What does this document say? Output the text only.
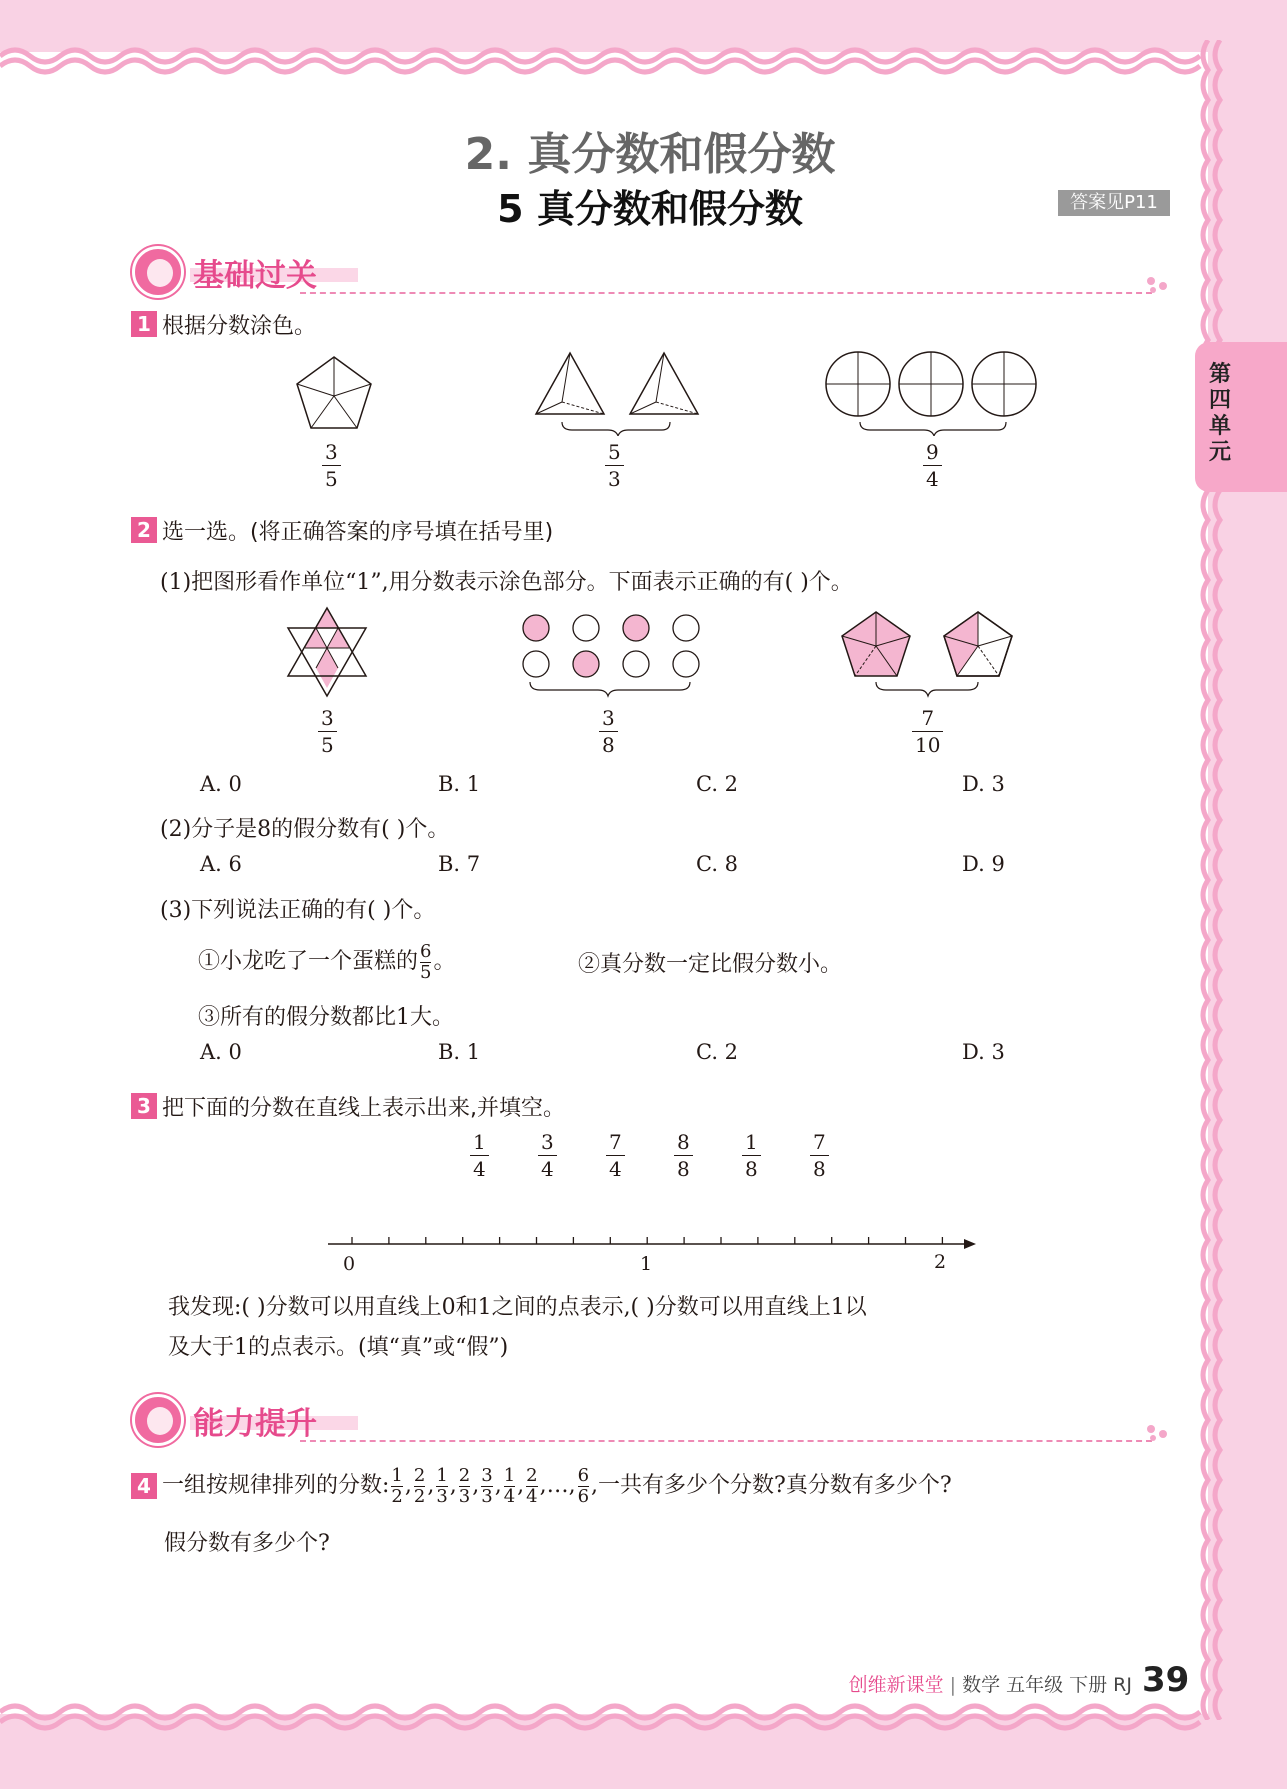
第四单元
2. 真分数和假分数
5 真分数和假分数	答案见P11
基础过关
1 根据分数涂色。
3
5
5
3
9
4
2 选一选。(将正确答案的序号填在括号里)
(1)把图形看作单位“1”,用分数表示涂色部分。下面表示正确的有( )个。
3
5
3
8
7
10
A. 0	B. 1	C. 2	D. 3
(2)分子是8的假分数有( )个。
A. 6	B. 7	C. 8	D. 9
(3)下列说法正确的有( )个。
①小龙吃了一个蛋糕的 $\frac{6}{5}$ 。	②真分数一定比假分数小。
③所有的假分数都比1大。
A. 0	B. 1	C. 2	D. 3
3 把下面的分数在直线上表示出来,并填空。
1
4
3
4
7
4
8
8
1
8
7
8
0	1	2
我发现:( )分数可以用直线上0和1之间的点表示,( )分数可以用直线上1以
及大于1的点表示。(填“真”或“假”)
能力提升
4 一组按规律排列的分数: $\frac{1}{2}$ , $\frac{2}{2}$ , $\frac{1}{3}$ , $\frac{2}{3}$ , $\frac{3}{3}$ , $\frac{1}{4}$ , $\frac{2}{4}$ ,…, $\frac{6}{6}$ ,一共有多少个分数?真分数有多少个?
假分数有多少个?
创维新课堂 | 数学 五年级 下册 RJ 39
